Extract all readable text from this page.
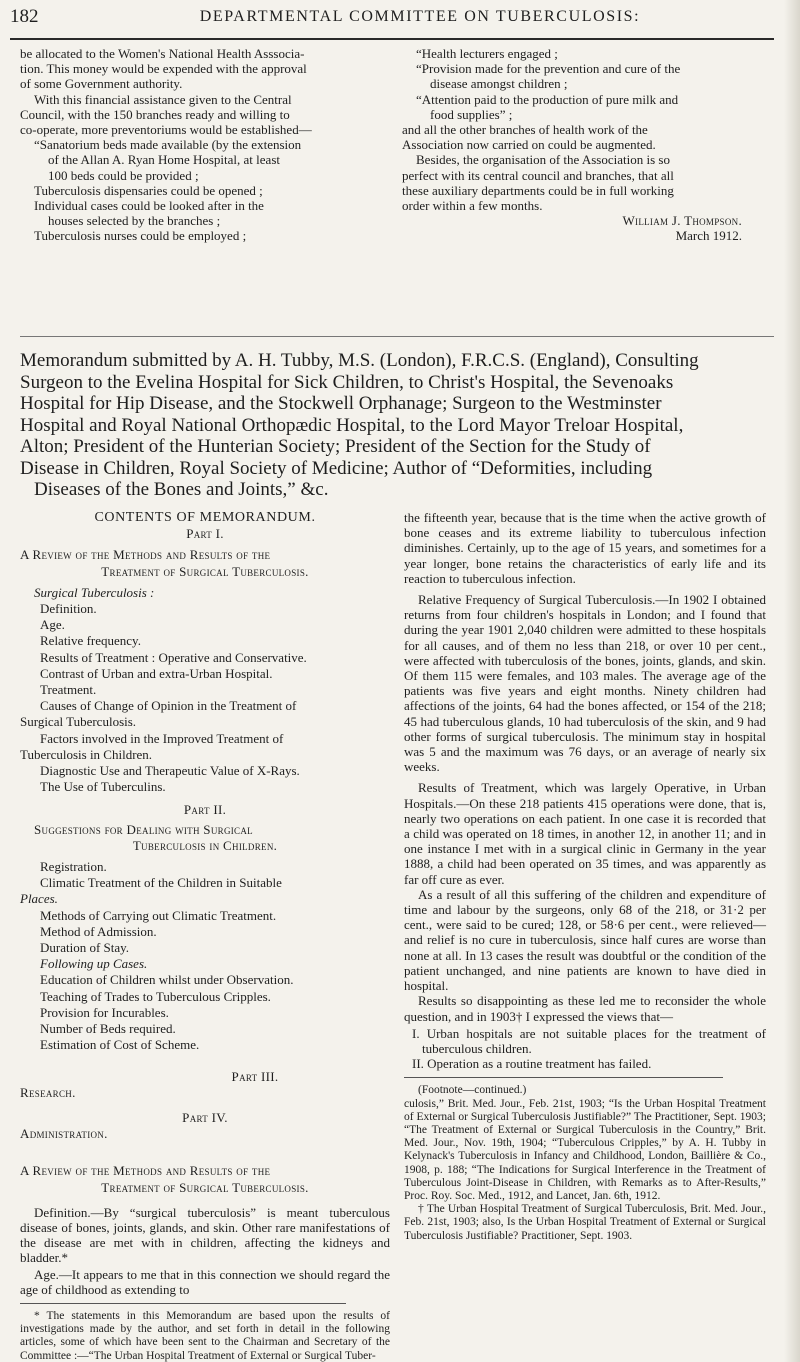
182	DEPARTMENTAL COMMITTEE ON TUBERCULOSIS:

be allocated to the Women's National Health Asssocia-

tion. This money would be expended with the approval

of some Government authority.

With this financial assistance given to the Central

Council, with the 150 branches ready and willing to

co-operate, more preventoriums would be established—

“Sanatorium beds made available (by the extension

of the Allan A. Ryan Home Hospital, at least

100 beds could be provided ;

Tuberculosis dispensaries could be opened ;

Individual cases could be looked after in the

houses selected by the branches ;

Tuberculosis nurses could be employed ;

“Health lecturers engaged ;

“Provision made for the prevention and cure of the

disease amongst children ;

“Attention paid to the production of pure milk and

food supplies” ;

and all the other branches of health work of the

Association now carried on could be augmented.

Besides, the organisation of the Association is so

perfect with its central council and branches, that all

these auxiliary departments could be in full working

order within a few months.

William J. Thompson.

March 1912.

Memorandum submitted by A. H. Tubby, M.S. (London), F.R.C.S. (England), Consulting
Surgeon to the Evelina Hospital for Sick Children, to Christ's Hospital, the Sevenoaks
Hospital for Hip Disease, and the Stockwell Orphanage; Surgeon to the Westminster
Hospital and Royal National Orthopædic Hospital, to the Lord Mayor Treloar Hospital,
Alton; President of the Hunterian Society; President of the Section for the Study of
Disease in Children, Royal Society of Medicine; Author of “Deformities, including
Diseases of the Bones and Joints,” &c.

CONTENTS OF MEMORANDUM.

Part I.

A Review of the Methods and Results of the

Treatment of Surgical Tuberculosis.

Surgical Tuberculosis :

Definition.

Age.

Relative frequency.

Results of Treatment : Operative and Conservative.

Contrast of Urban and extra-Urban Hospital.

Treatment.

Causes of Change of Opinion in the Treatment of

Surgical Tuberculosis.

Factors involved in the Improved Treatment of

Tuberculosis in Children.

Diagnostic Use and Therapeutic Value of X-Rays.

The Use of Tuberculins.

Part II.

Suggestions for Dealing with Surgical

Tuberculosis in Children.

Registration.

Climatic Treatment of the Children in Suitable

Places.

Methods of Carrying out Climatic Treatment.

Method of Admission.

Duration of Stay.

Following up Cases.

Education of Children whilst under Observation.

Teaching of Trades to Tuberculous Cripples.

Provision for Incurables.

Number of Beds required.

Estimation of Cost of Scheme.

Part III.

Research.

Part IV.

Administration.

A Review of the Methods and Results of the

Treatment of Surgical Tuberculosis.

Definition.—By “surgical tuberculosis” is meant tuberculous disease of bones, joints, glands, and skin. Other rare manifestations of the disease are met with in children, affecting the kidneys and bladder.*

Age.—It appears to me that in this connection we should regard the age of childhood as extending to

* The statements in this Memorandum are based upon the results of investigations made by the author, and set forth in detail in the following articles, some of which have been sent to the Chairman and Secretary of the Committee :—“The Urban Hospital Treatment of External or Surgical Tuber-

the fifteenth year, because that is the time when the active growth of bone ceases and its extreme liability to tuberculous infection diminishes. Certainly, up to the age of 15 years, and sometimes for a year longer, bone retains the characteristics of early life and its reaction to tuberculous infection.

Relative Frequency of Surgical Tuberculosis.—In 1902 I obtained returns from four children's hospitals in London; and I found that during the year 1901 2,040 children were admitted to these hospitals for all causes, and of them no less than 218, or over 10 per cent., were affected with tuberculosis of the bones, joints, glands, and skin. Of them 115 were females, and 103 males. The average age of the patients was five years and eight months. Ninety children had affections of the joints, 64 had the bones affected, or 154 of the 218; 45 had tuberculous glands, 10 had tuberculosis of the skin, and 9 had other forms of surgical tuberculosis. The minimum stay in hospital was 5 and the maximum was 76 days, or an average of nearly six weeks.

Results of Treatment, which was largely Operative, in Urban Hospitals.—On these 218 patients 415 operations were done, that is, nearly two operations on each patient. In one case it is recorded that a child was operated on 18 times, in another 12, in another 11; and in one instance I met with in a surgical clinic in Germany in the year 1888, a child had been operated on 35 times, and was apparently as far off cure as ever.

As a result of all this suffering of the children and expenditure of time and labour by the surgeons, only 68 of the 218, or 31·2 per cent., were said to be cured; 128, or 58·6 per cent., were relieved—and relief is no cure in tuberculosis, since half cures are worse than none at all. In 13 cases the result was doubtful or the condition of the patient unchanged, and nine patients are known to have died in hospital.

Results so disappointing as these led me to reconsider the whole question, and in 1903† I expressed the views that—

I. Urban hospitals are not suitable places for the treatment of tuberculous children.

II. Operation as a routine treatment has failed.

(Footnote—continued.)

culosis,” Brit. Med. Jour., Feb. 21st, 1903; “Is the Urban Hospital Treatment of External or Surgical Tuberculosis Justifiable?” The Practitioner, Sept. 1903; “The Treatment of External or Surgical Tuberculosis in the Country,” Brit. Med. Jour., Nov. 19th, 1904; “Tuberculous Cripples,” by A. H. Tubby in Kelynack's Tuberculosis in Infancy and Childhood, London, Baillière & Co., 1908, p. 188; “The Indications for Surgical Interference in the Treatment of Tuberculous Joint-Disease in Children, with Remarks as to After-Results,” Proc. Roy. Soc. Med., 1912, and Lancet, Jan. 6th, 1912.

† The Urban Hospital Treatment of Surgical Tuberculosis, Brit. Med. Jour., Feb. 21st, 1903; also, Is the Urban Hospital Treatment of External or Surgical Tuberculosis Justifiable? Practitioner, Sept. 1903.
